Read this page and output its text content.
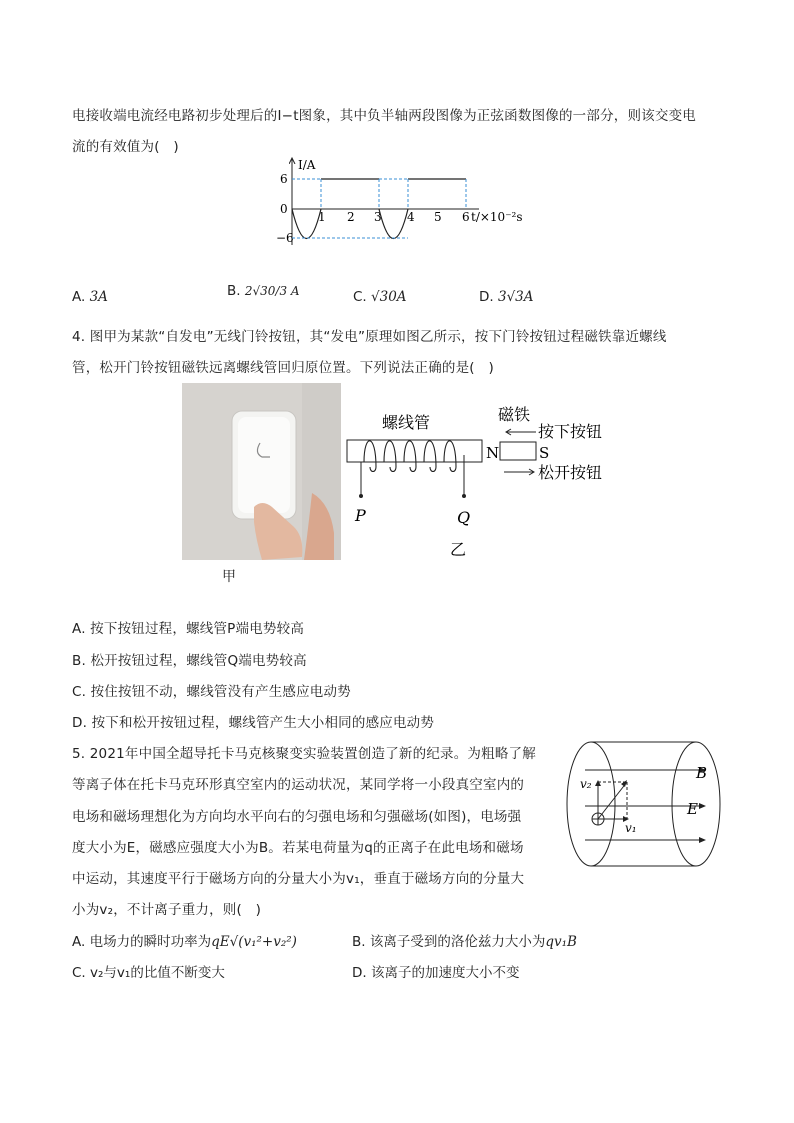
电接收端电流经电路初步处理后的I−t图象，其中负半轴两段图像为正弦函数图像的一部分，则该交变电
流的有效值为(　)
I/A
6
0
−6
1 2 3 4 5 6 t/×10⁻²s
A. 3A	B. 2√30/3 A	C. √30A	D. 3√3A
4. 图甲为某款“自发电”无线门铃按钮，其“发电”原理如图乙所示，按下门铃按钮过程磁铁靠近螺线
管，松开门铃按钮磁铁远离螺线管回归原位置。下列说法正确的是(　)
甲
螺线管	磁铁
按下按钮
松开按钮
P	Q
乙
N	S
A. 按下按钮过程，螺线管P端电势较高
B. 松开按钮过程，螺线管Q端电势较高
C. 按住按钮不动，螺线管没有产生感应电动势
D. 按下和松开按钮过程，螺线管产生大小相同的感应电动势
5. 2021年中国全超导托卡马克核聚变实验装置创造了新的纪录。为粗略了解
等离子体在托卡马克环形真空室内的运动状况，某同学将一小段真空室内的
电场和磁场理想化为方向均水平向右的匀强电场和匀强磁场(如图)，电场强
度大小为E，磁感应强度大小为B。若某电荷量为q的正离子在此电场和磁场
中运动，其速度平行于磁场方向的分量大小为v₁，垂直于磁场方向的分量大
小为v₂，不计离子重力，则(　)
B
E
v₂
v₁
A. 电场力的瞬时功率为qE√(v₁²+v₂²)	B. 该离子受到的洛伦兹力大小为qv₁B
C. v₂与v₁的比值不断变大	D. 该离子的加速度大小不变
